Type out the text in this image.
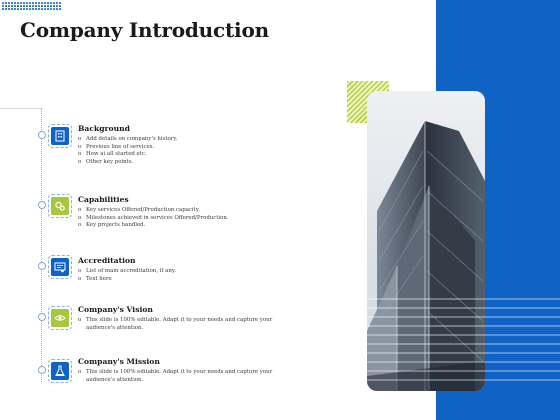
Company Introduction
Background
o Add details on company's history.
o Previous line of services.
o How ai all started etc.
o Other key points.
Capabilities
o Key services Offered/Production capacity.
o Milestones achieved in services Offered/Production.
o Key projects handled.
Accreditation
o List of main accreditation, if any.
o Text here
Company's Vision
o This slide is 100% editable. Adapt it to your needs and capture your audience's attention.
Company's Mission
o This slide is 100% editable. Adapt it to your needs and capture your audience's attention.
